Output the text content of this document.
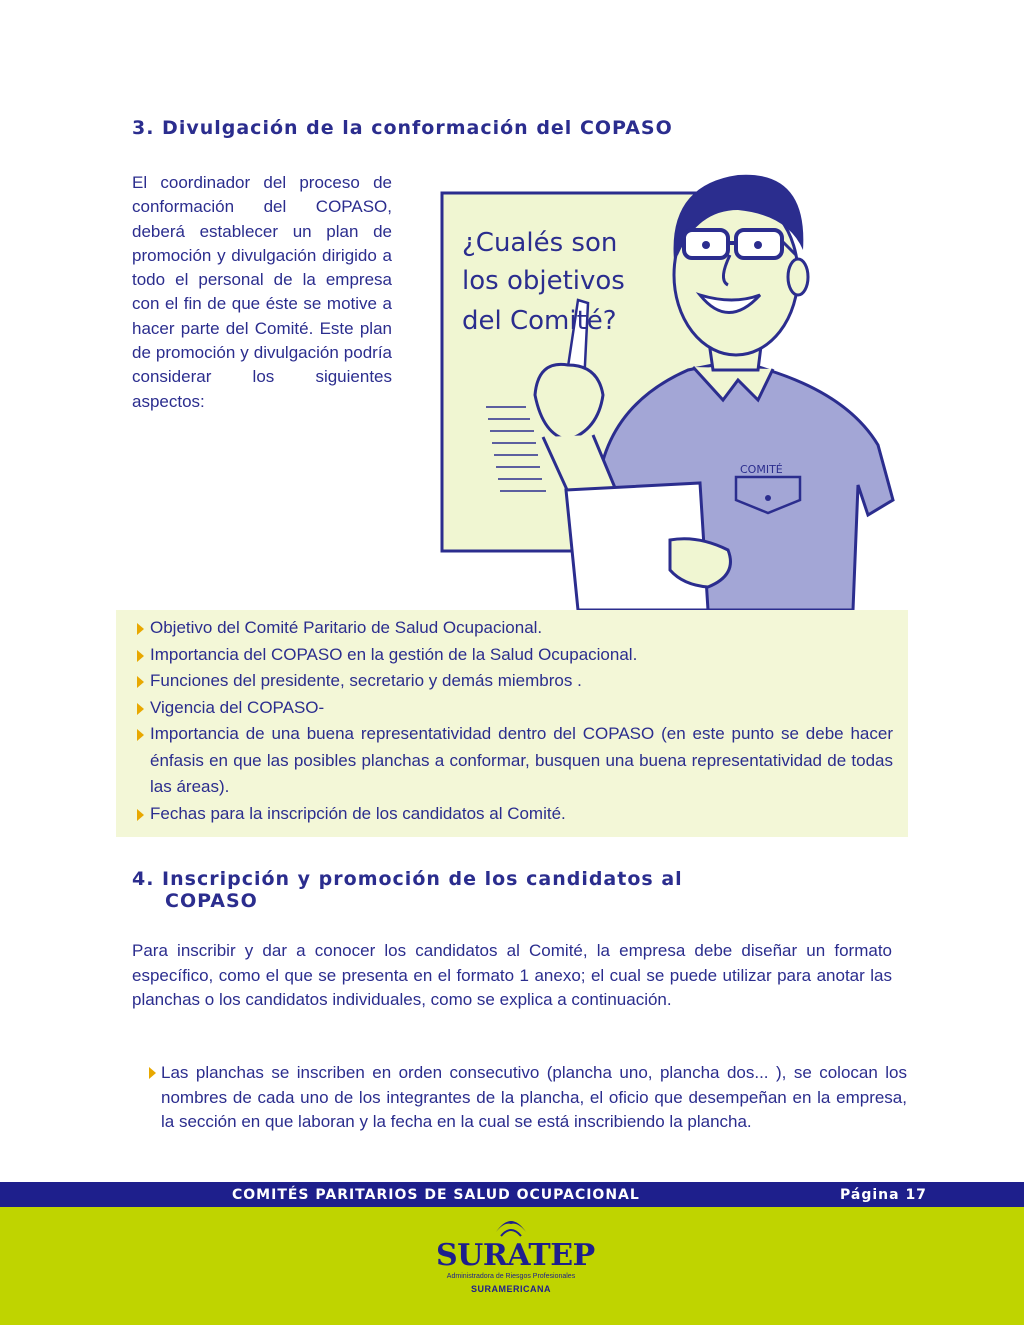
3. Divulgación de la conformación del COPASO

El coordinador del proceso de conformación del COPASO, deberá establecer un plan de promoción y divulgación dirigido a todo el personal de la empresa con el fin de que éste se motive a hacer parte del Comité. Este plan de promoción y divulgación podría considerar los siguientes aspectos:

COMITÉ
¿Cualés son
los objetivos
del Comité?
Objetivo del Comité Paritario de Salud Ocupacional.
Importancia del COPASO en la gestión de la Salud Ocupacional.
Funciones del presidente, secretario y demás miembros .
Vigencia del COPASO-
Importancia de una buena representatividad dentro del COPASO (en este punto se debe hacer énfasis en que las posibles planchas a conformar, busquen una buena representatividad de todas las áreas).
Fechas para la inscripción de los candidatos al Comité.
4. Inscripción y promoción de los candidatos al
COPASO

Para inscribir y dar a conocer los candidatos al Comité, la empresa debe diseñar un formato específico, como el que se presenta en el formato 1 anexo; el cual se puede utilizar para anotar las planchas o los candidatos individuales, como se explica a continuación.

Las planchas se inscriben en orden consecutivo (plancha uno, plancha dos... ), se colocan los nombres de cada uno de los integrantes de la plancha, el oficio que desempeñan en la empresa, la sección en que laboran y la fecha en la cual se está inscribiendo la plancha.
COMITÉS PARITARIOS DE SALUD OCUPACIONAL	Página 17
SURATEP
Administradora de Riesgos Profesionales
SURAMERICANA
